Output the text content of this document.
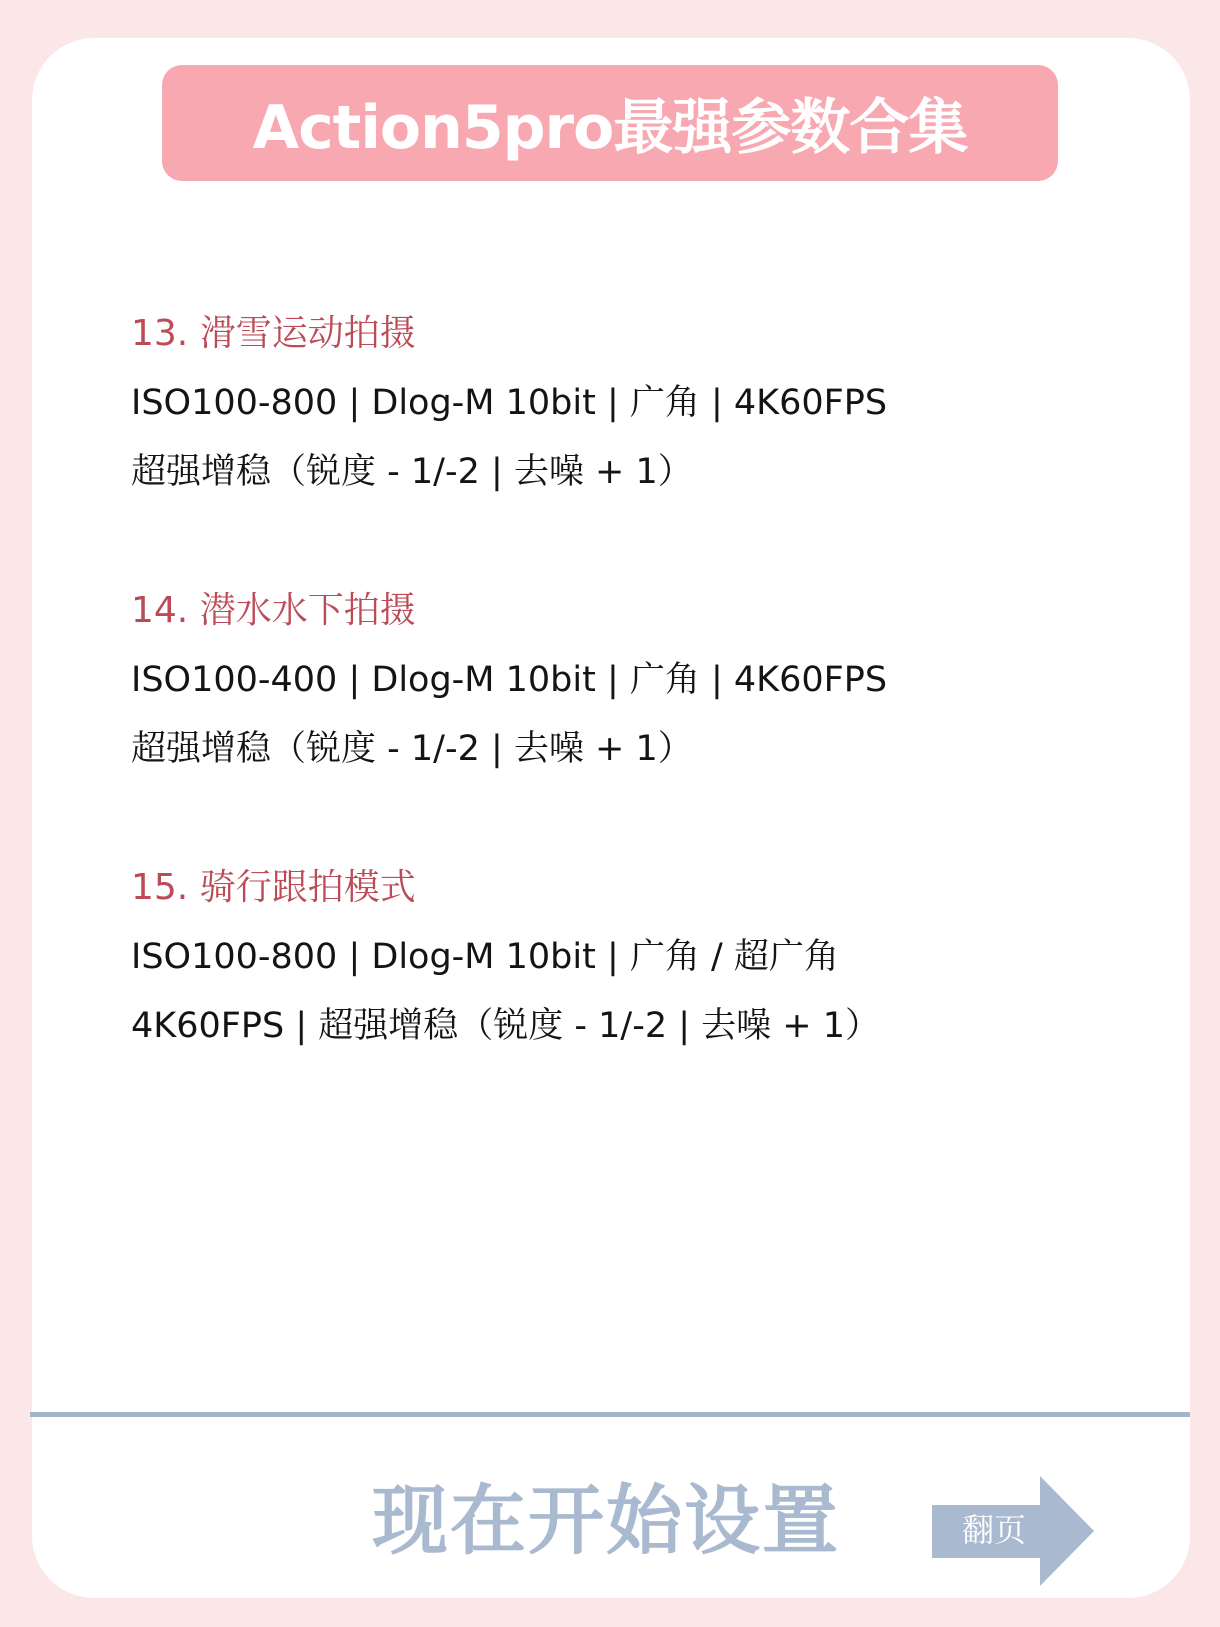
Action5pro最强参数合集
13. 滑雪运动拍摄
ISO100-800 | Dlog-M 10bit | 广角 | 4K60FPS
超强增稳（锐度 - 1/-2 | 去噪 + 1）
14. 潜水水下拍摄
ISO100-400 | Dlog-M 10bit | 广角 | 4K60FPS
超强增稳（锐度 - 1/-2 | 去噪 + 1）
15. 骑行跟拍模式
ISO100-800 | Dlog-M 10bit | 广角 / 超广角
4K60FPS | 超强增稳（锐度 - 1/-2 | 去噪 + 1）
现在开始设置	翻页
